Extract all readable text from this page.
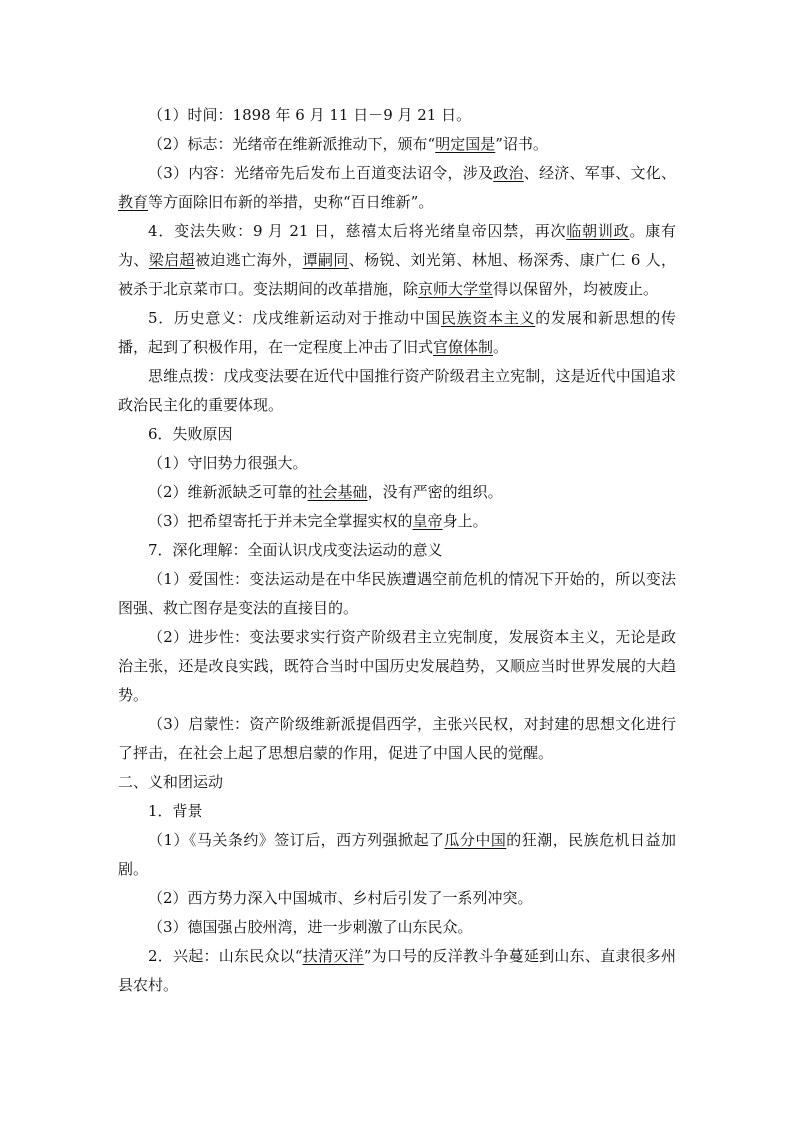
（1）时间：1898 年 6 月 11 日－9 月 21 日。

（2）标志：光绪帝在维新派推动下，颁布“明定国是”诏书。

（3）内容：光绪帝先后发布上百道变法诏令，涉及政治、经济、军事、文化、教育等方面除旧布新的举措，史称“百日维新”。

4．变法失败：9 月 21 日，慈禧太后将光绪皇帝囚禁，再次临朝训政。康有为、梁启超被迫逃亡海外，谭嗣同、杨锐、刘光第、林旭、杨深秀、康广仁 6 人，被杀于北京菜市口。变法期间的改革措施，除京师大学堂得以保留外，均被废止。

5．历史意义：戊戌维新运动对于推动中国民族资本主义的发展和新思想的传播，起到了积极作用，在一定程度上冲击了旧式官僚体制。

思维点拨：戊戌变法要在近代中国推行资产阶级君主立宪制，这是近代中国追求政治民主化的重要体现。

6．失败原因

（1）守旧势力很强大。

（2）维新派缺乏可靠的社会基础，没有严密的组织。

（3）把希望寄托于并未完全掌握实权的皇帝身上。

7．深化理解：全面认识戊戌变法运动的意义

（1）爱国性：变法运动是在中华民族遭遇空前危机的情况下开始的，所以变法图强、救亡图存是变法的直接目的。

（2）进步性：变法要求实行资产阶级君主立宪制度，发展资本主义，无论是政治主张，还是改良实践，既符合当时中国历史发展趋势，又顺应当时世界发展的大趋势。

（3）启蒙性：资产阶级维新派提倡西学，主张兴民权，对封建的思想文化进行了抨击，在社会上起了思想启蒙的作用，促进了中国人民的觉醒。

二、义和团运动

1．背景

（1）《马关条约》签订后，西方列强掀起了瓜分中国的狂潮，民族危机日益加剧。

（2）西方势力深入中国城市、乡村后引发了一系列冲突。

（3）德国强占胶州湾，进一步刺激了山东民众。

2．兴起：山东民众以“扶清灭洋”为口号的反洋教斗争蔓延到山东、直隶很多州县农村。
